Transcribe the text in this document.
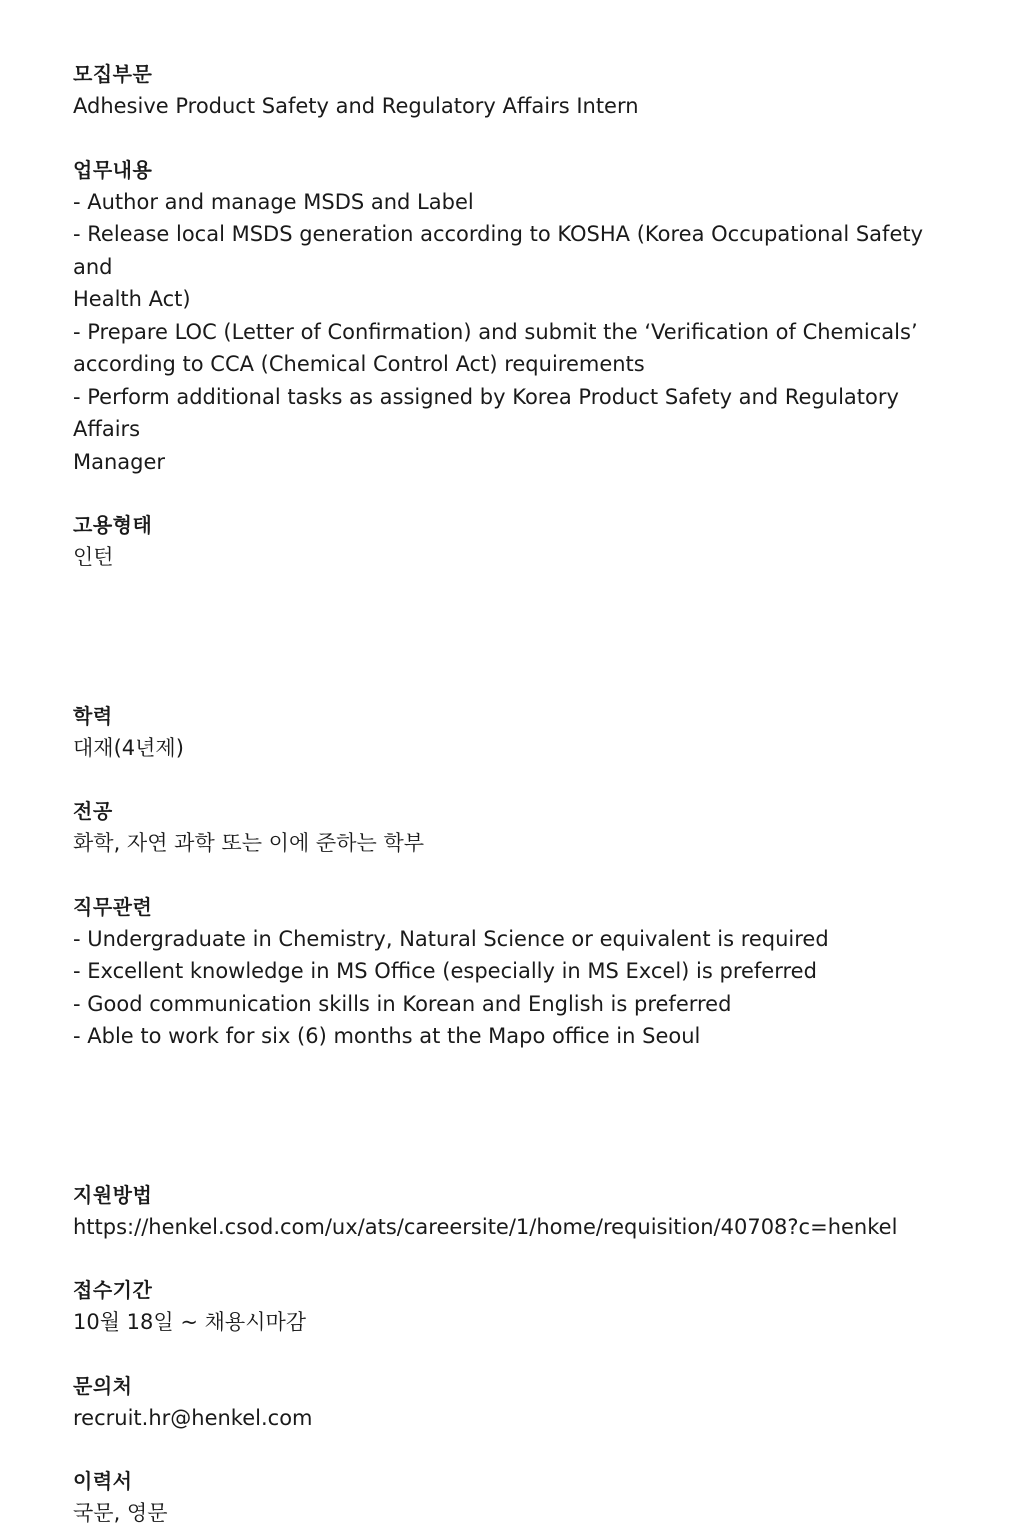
모집부문

Adhesive Product Safety and Regulatory Affairs Intern

업무내용

- Author and manage MSDS and Label
- Release local MSDS generation according to KOSHA (Korea Occupational Safety and
Health Act)
- Prepare LOC (Letter of Confirmation) and submit the ‘Verification of Chemicals’
according to CCA (Chemical Control Act) requirements
- Perform additional tasks as assigned by Korea Product Safety and Regulatory Affairs
Manager

고용형태

인턴

학력

대재(4년제)

전공

화학, 자연 과학 또는 이에 준하는 학부

직무관련

- Undergraduate in Chemistry, Natural Science or equivalent is required
- Excellent knowledge in MS Office (especially in MS Excel) is preferred
- Good communication skills in Korean and English is preferred
- Able to work for six (6) months at the Mapo office in Seoul

지원방법

https://henkel.csod.com/ux/ats/careersite/1/home/requisition/40708?c=henkel

접수기간

10월 18일 ~ 채용시마감

문의처

recruit.hr@henkel.com

이력서

국문, 영문
